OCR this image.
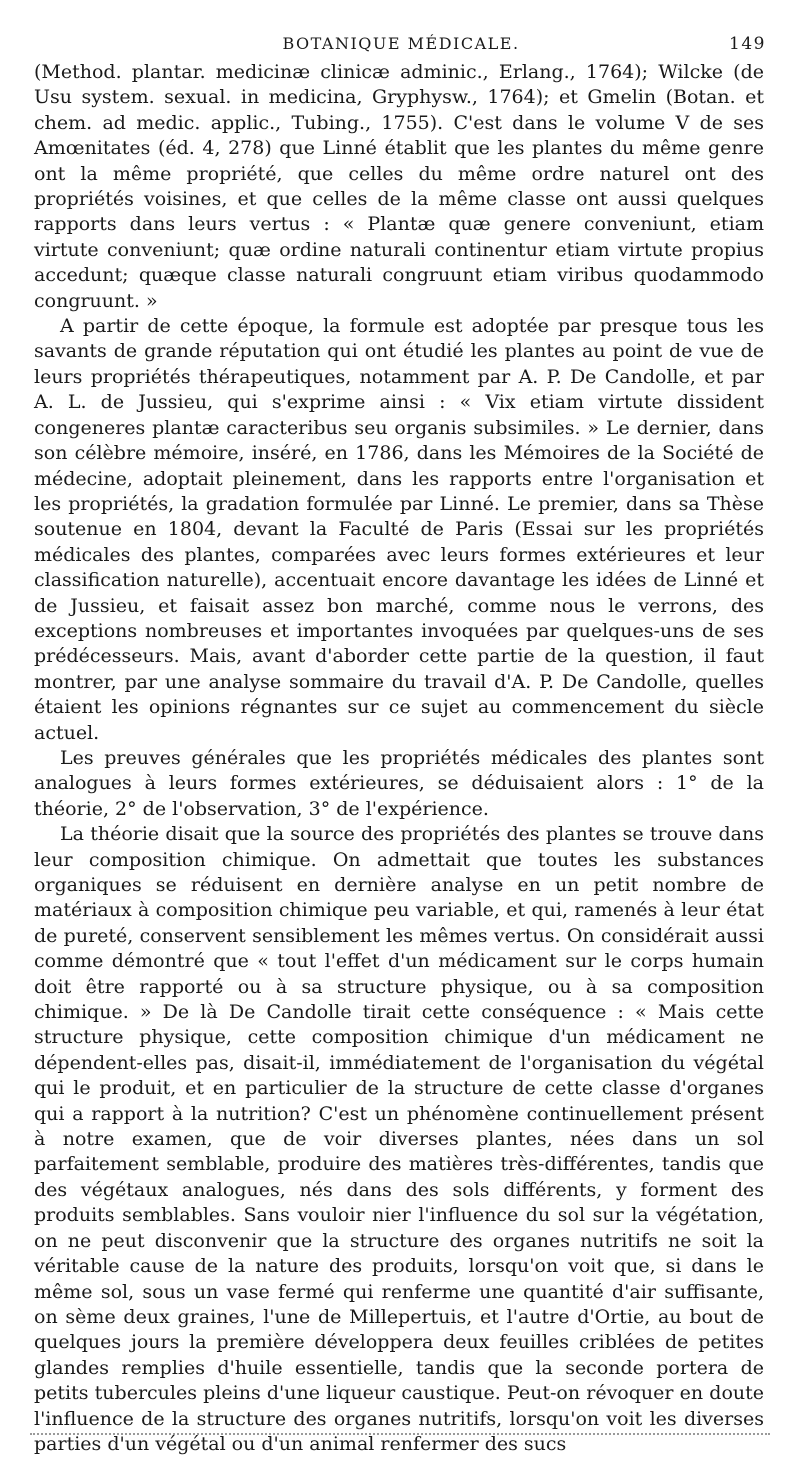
BOTANIQUE MÉDICALE.	149

(Method. plantar. medicinæ clinicæ adminic., Erlang., 1764); Wilcke (de Usu system. sexual. in medicina, Gryphysw., 1764); et Gmelin (Botan. et chem. ad medic. applic., Tubing., 1755). C'est dans le volume V de ses Amœnitates (éd. 4, 278) que Linné établit que les plantes du même genre ont la même propriété, que celles du même ordre naturel ont des propriétés voisines, et que celles de la même classe ont aussi quelques rapports dans leurs vertus : « Plantæ quæ genere conveniunt, etiam virtute conveniunt; quæ ordine naturali continentur etiam virtute propius accedunt; quæque classe naturali congruunt etiam viribus quodammodo congruunt. »

A partir de cette époque, la formule est adoptée par presque tous les savants de grande réputation qui ont étudié les plantes au point de vue de leurs propriétés thérapeutiques, notamment par A. P. De Candolle, et par A. L. de Jussieu, qui s'exprime ainsi : « Vix etiam virtute dissident congeneres plantæ caracteribus seu organis subsimiles. » Le dernier, dans son célèbre mémoire, inséré, en 1786, dans les Mémoires de la Société de médecine, adoptait pleinement, dans les rapports entre l'organisation et les propriétés, la gradation formulée par Linné. Le premier, dans sa Thèse soutenue en 1804, devant la Faculté de Paris (Essai sur les propriétés médicales des plantes, comparées avec leurs formes extérieures et leur classification naturelle), accentuait encore davantage les idées de Linné et de Jussieu, et faisait assez bon marché, comme nous le verrons, des exceptions nombreuses et importantes invoquées par quelques-uns de ses prédécesseurs. Mais, avant d'aborder cette partie de la question, il faut montrer, par une analyse sommaire du travail d'A. P. De Candolle, quelles étaient les opinions régnantes sur ce sujet au commencement du siècle actuel.

Les preuves générales que les propriétés médicales des plantes sont analogues à leurs formes extérieures, se déduisaient alors : 1° de la théorie, 2° de l'observation, 3° de l'expérience.

La théorie disait que la source des propriétés des plantes se trouve dans leur composition chimique. On admettait que toutes les substances organiques se réduisent en dernière analyse en un petit nombre de matériaux à composition chimique peu variable, et qui, ramenés à leur état de pureté, conservent sensiblement les mêmes vertus. On considérait aussi comme démontré que « tout l'effet d'un médicament sur le corps humain doit être rapporté ou à sa structure physique, ou à sa composition chimique. » De là De Candolle tirait cette conséquence : « Mais cette structure physique, cette composition chimique d'un médicament ne dépendent-elles pas, disait-il, immédiatement de l'organisation du végétal qui le produit, et en particulier de la structure de cette classe d'organes qui a rapport à la nutrition? C'est un phénomène continuellement présent à notre examen, que de voir diverses plantes, nées dans un sol parfaitement semblable, produire des matières très-différentes, tandis que des végétaux analogues, nés dans des sols différents, y forment des produits semblables. Sans vouloir nier l'influence du sol sur la végétation, on ne peut disconvenir que la structure des organes nutritifs ne soit la véritable cause de la nature des produits, lorsqu'on voit que, si dans le même sol, sous un vase fermé qui renferme une quantité d'air suffisante, on sème deux graines, l'une de Millepertuis, et l'autre d'Ortie, au bout de quelques jours la première développera deux feuilles criblées de petites glandes remplies d'huile essentielle, tandis que la seconde portera de petits tubercules pleins d'une liqueur caustique. Peut-on révoquer en doute l'influence de la structure des organes nutritifs, lorsqu'on voit les diverses parties d'un végétal ou d'un animal renfermer des sucs
